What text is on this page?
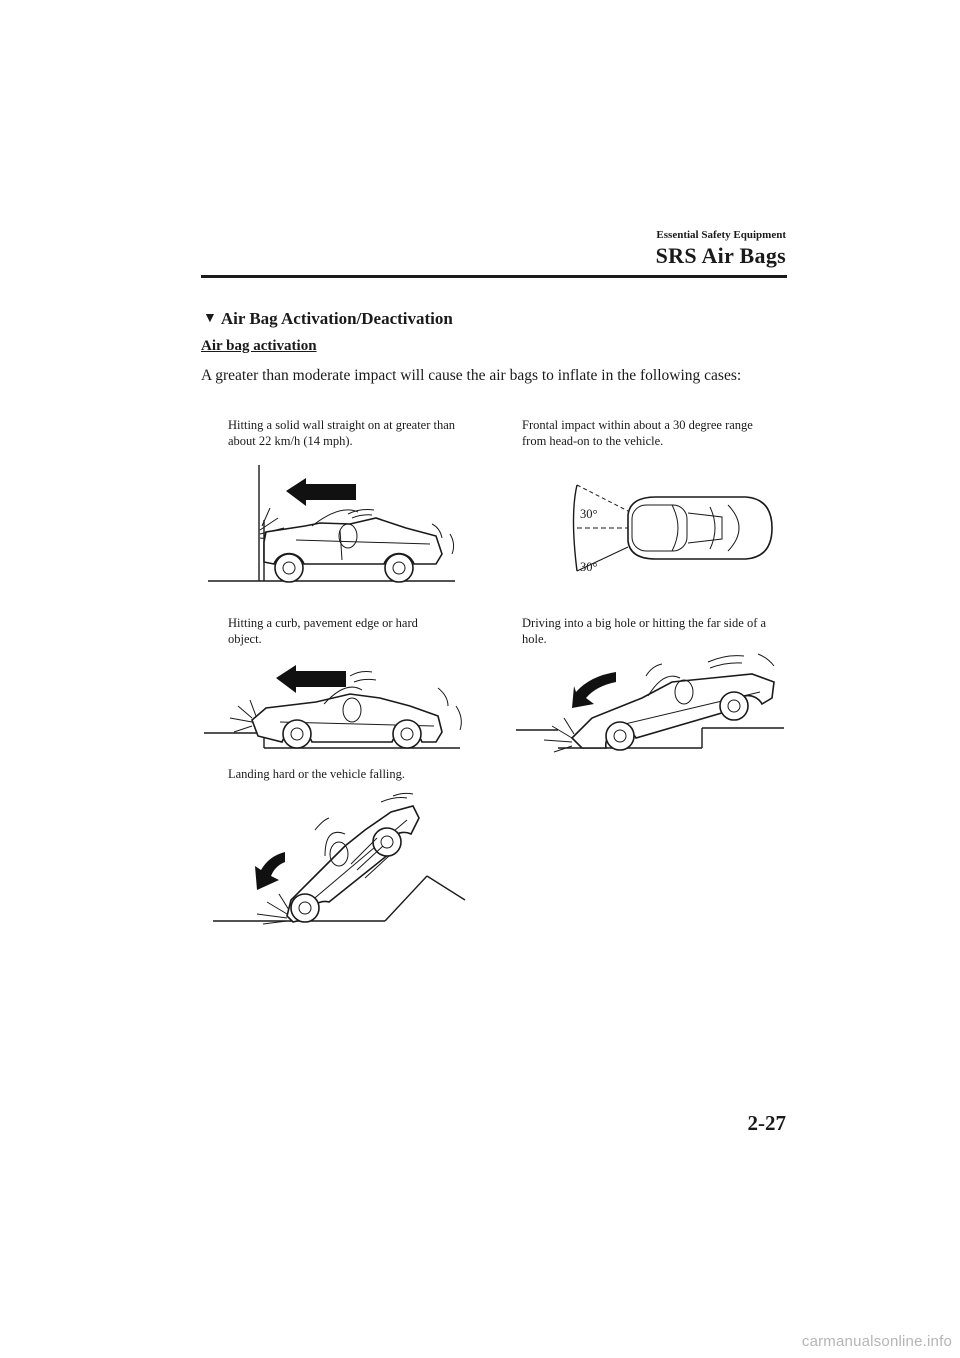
Essential Safety Equipment
SRS Air Bags
▼ Air Bag Activation/Deactivation
Air bag activation
A greater than moderate impact will cause the air bags to inflate in the following cases:
Hitting a solid wall straight on at greater than about 22 km/h (14 mph).
Frontal impact within about a 30 degree range from head-on to the vehicle.
Hitting a curb, pavement edge or hard object.
Driving into a big hole or hitting the far side of a hole.
Landing hard or the vehicle falling.
30°
30°
2-27
carmanualsonline.info
